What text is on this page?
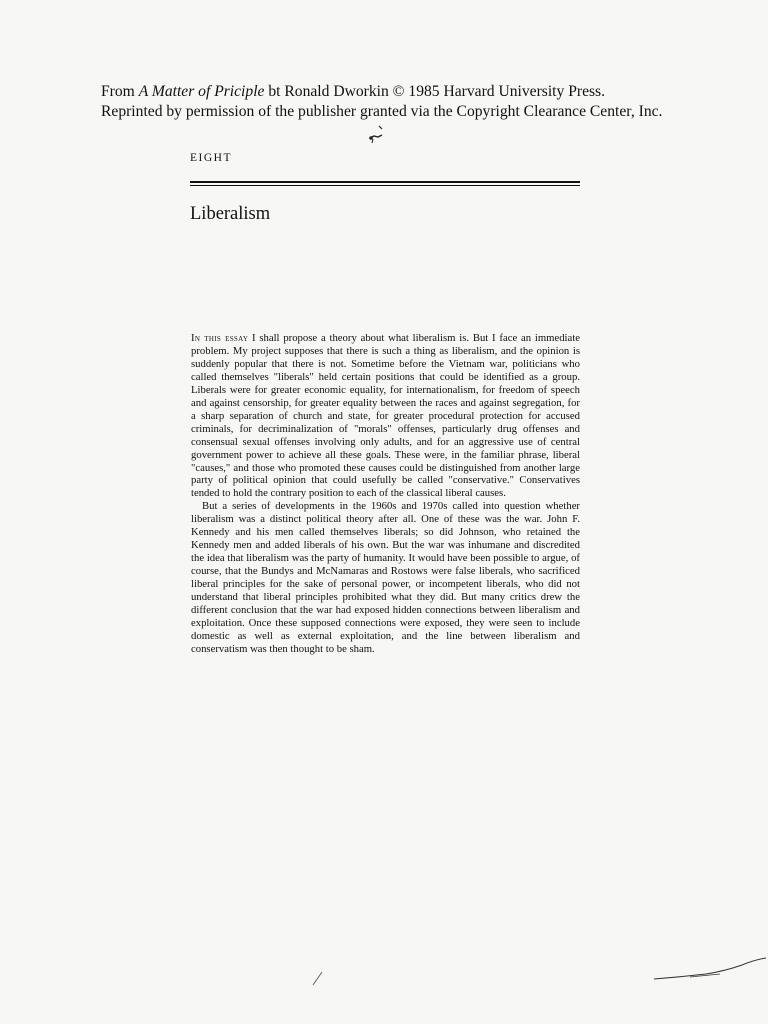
From A Matter of Priciple bt Ronald Dworkin © 1985 Harvard University Press.
Reprinted by permission of the publisher granted via the Copyright Clearance Center, Inc.
EIGHT
Liberalism

In this essay I shall propose a theory about what liberalism is. But I face an immediate problem. My project supposes that there is such a thing as liberalism, and the opinion is suddenly popular that there is not. Sometime before the Vietnam war, politicians who called themselves "liberals" held certain positions that could be identified as a group. Liberals were for greater economic equality, for internationalism, for freedom of speech and against censorship, for greater equality between the races and against segregation, for a sharp separation of church and state, for greater procedural protection for accused criminals, for decriminalization of "morals" offenses, particularly drug offenses and consensual sexual offenses involving only adults, and for an aggressive use of central government power to achieve all these goals. These were, in the familiar phrase, liberal "causes," and those who promoted these causes could be distinguished from another large party of political opinion that could usefully be called "conservative." Conservatives tended to hold the contrary position to each of the classical liberal causes.

But a series of developments in the 1960s and 1970s called into question whether liberalism was a distinct political theory after all. One of these was the war. John F. Kennedy and his men called themselves liberals; so did Johnson, who retained the Kennedy men and added liberals of his own. But the war was inhumane and discredited the idea that liberalism was the party of humanity. It would have been possible to argue, of course, that the Bundys and McNamaras and Rostows were false liberals, who sacrificed liberal principles for the sake of personal power, or incompetent liberals, who did not understand that liberal principles prohibited what they did. But many critics drew the different conclusion that the war had exposed hidden connections between liberalism and exploitation. Once these supposed connections were exposed, they were seen to include domestic as well as external exploitation, and the line between liberalism and conservatism was then thought to be sham.
